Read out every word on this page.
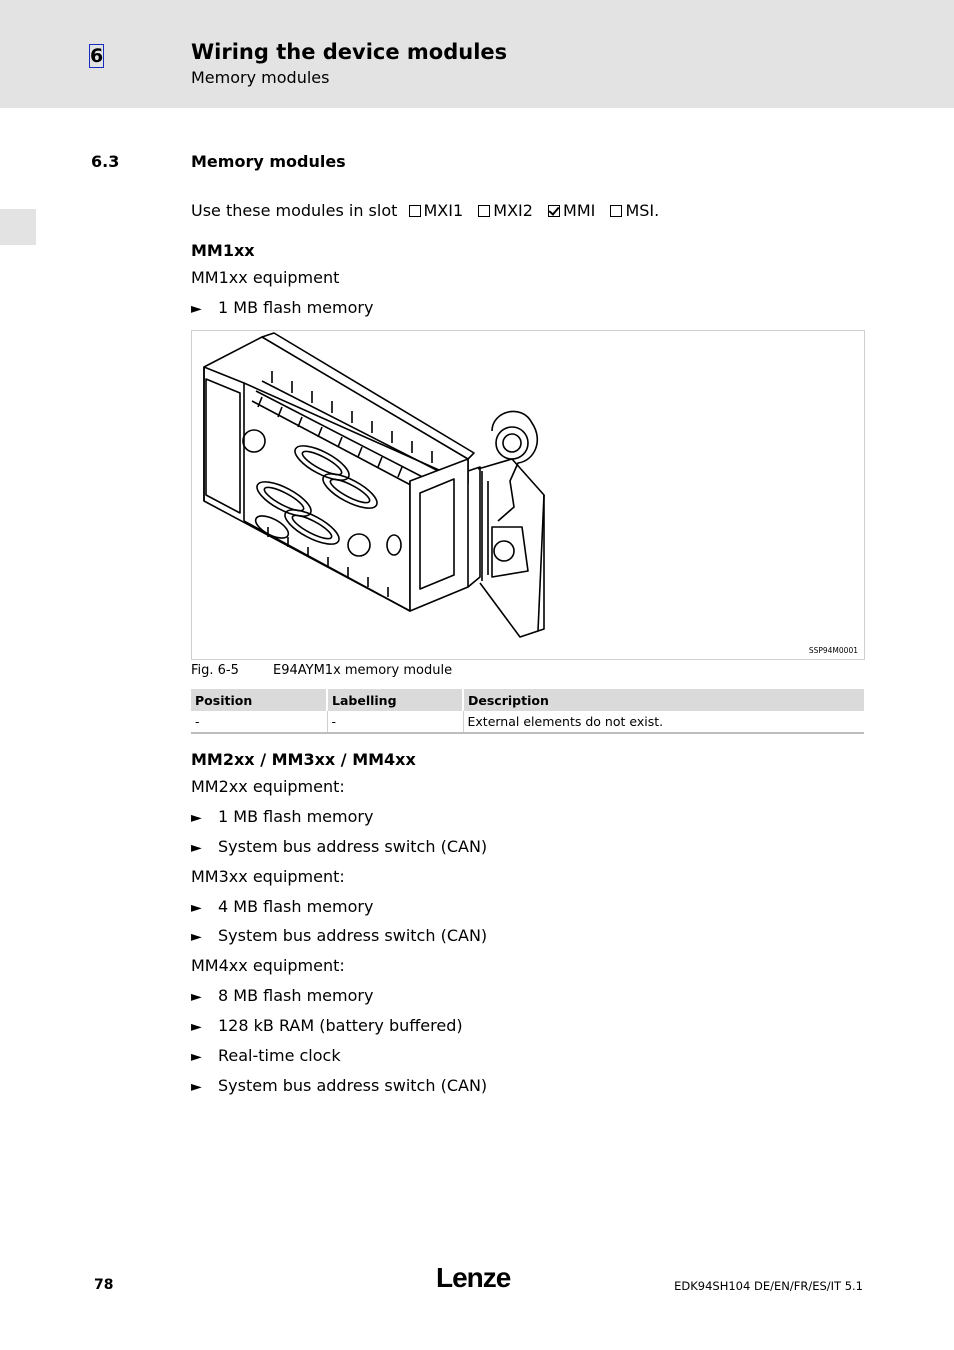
6	Wiring the device modules
Memory modules
6.3	Memory modules
Use these modules in slot MXI1 MXI2 MMI MSI.
MM1xx
MM1xx equipment
► 1 MB flash memory
SSP94M0001
Fig. 6-5	E94AYM1x memory module
Position	Labelling	Description
-	-	External elements do not exist.
MM2xx / MM3xx / MM4xx
MM2xx equipment:
► 1 MB flash memory
► System bus address switch (CAN)
MM3xx equipment:
► 4 MB flash memory
► System bus address switch (CAN)
MM4xx equipment:
► 8 MB flash memory
► 128 kB RAM (battery buffered)
► Real-time clock
► System bus address switch (CAN)
78	Lenze	EDK94SH104 DE/EN/FR/ES/IT 5.1
